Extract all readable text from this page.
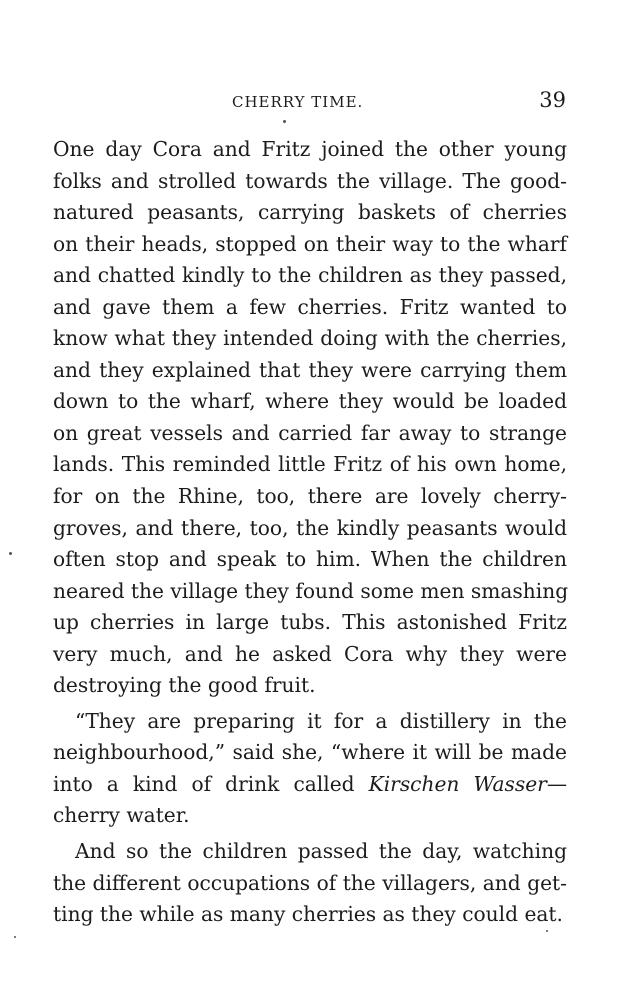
CHERRY TIME.	39
One day Cora and Fritz joined the other young
folks and strolled towards the village. The good-
natured peasants, carrying baskets of cherries
on their heads, stopped on their way to the wharf
and chatted kindly to the children as they passed,
and gave them a few cherries. Fritz wanted to
know what they intended doing with the cherries,
and they explained that they were carrying them
down to the wharf, where they would be loaded
on great vessels and carried far away to strange
lands. This reminded little Fritz of his own home,
for on the Rhine, too, there are lovely cherry-
groves, and there, too, the kindly peasants would
often stop and speak to him. When the children
neared the village they found some men smashing
up cherries in large tubs. This astonished Fritz
very much, and he asked Cora why they were
destroying the good fruit.
“They are preparing it for a distillery in the
neighbourhood,” said she, “where it will be made
into a kind of drink called Kirschen Wasser—
cherry water.
And so the children passed the day, watching
the different occupations of the villagers, and get-
ting the while as many cherries as they could eat.
